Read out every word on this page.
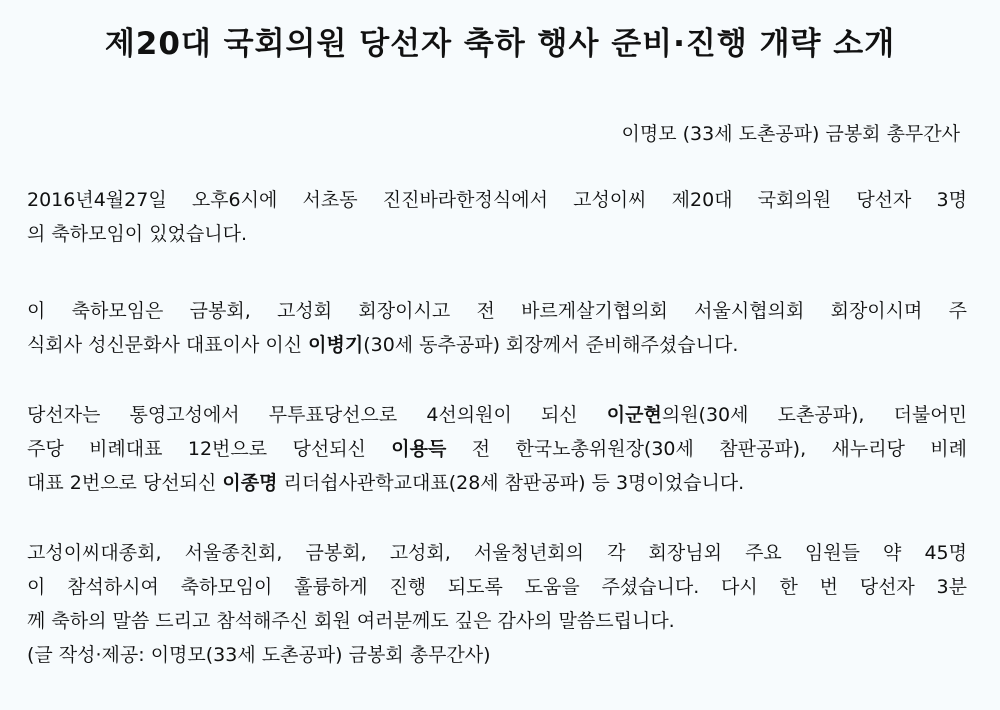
제20대 국회의원 당선자 축하 행사 준비·진행 개략 소개
이명모 (33세 도촌공파) 금봉회 총무간사
2016년4월27일 오후6시에 서초동 진진바라한정식에서 고성이씨 제20대 국회의원 당선자 3명
의 축하모임이 있었습니다.
이 축하모임은 금봉회, 고성회 회장이시고 전 바르게살기협의회 서울시협의회 회장이시며 주
식회사 성신문화사 대표이사 이신 이병기(30세 동추공파) 회장께서 준비해주셨습니다.
당선자는 통영고성에서 무투표당선으로 4선의원이 되신 이군현의원(30세 도촌공파), 더불어민
주당 비례대표 12번으로 당선되신 이용득 전 한국노총위원장(30세 참판공파), 새누리당 비례
대표 2번으로 당선되신 이종명 리더쉽사관학교대표(28세 참판공파) 등 3명이었습니다.
고성이씨대종회, 서울종친회, 금봉회, 고성회, 서울청년회의 각 회장님외 주요 임원들 약 45명
이 참석하시여 축하모임이 훌륭하게 진행 되도록 도움을 주셨습니다. 다시 한 번 당선자 3분
께 축하의 말씀 드리고 참석해주신 회원 여러분께도 깊은 감사의 말씀드립니다.
(글 작성·제공: 이명모(33세 도촌공파) 금봉회 총무간사)
